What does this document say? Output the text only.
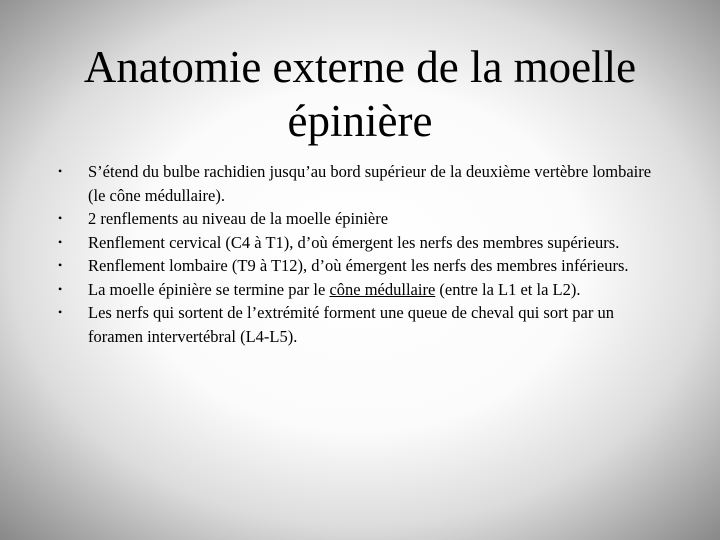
Anatomie externe de la moelle épinière
• S’étend du bulbe rachidien jusqu’au bord supérieur de la deuxième vertèbre lombaire (le cône médullaire).
• 2 renflements au niveau de la moelle épinière
• Renflement cervical (C4 à T1), d’où émergent les nerfs des membres supérieurs.
• Renflement lombaire (T9 à T12), d’où émergent les nerfs des membres inférieurs.
• La moelle épinière se termine par le cône médullaire (entre la L1 et la L2).
• Les nerfs qui sortent de l’extrémité forment une queue de cheval qui sort par un foramen intervertébral (L4-L5).
